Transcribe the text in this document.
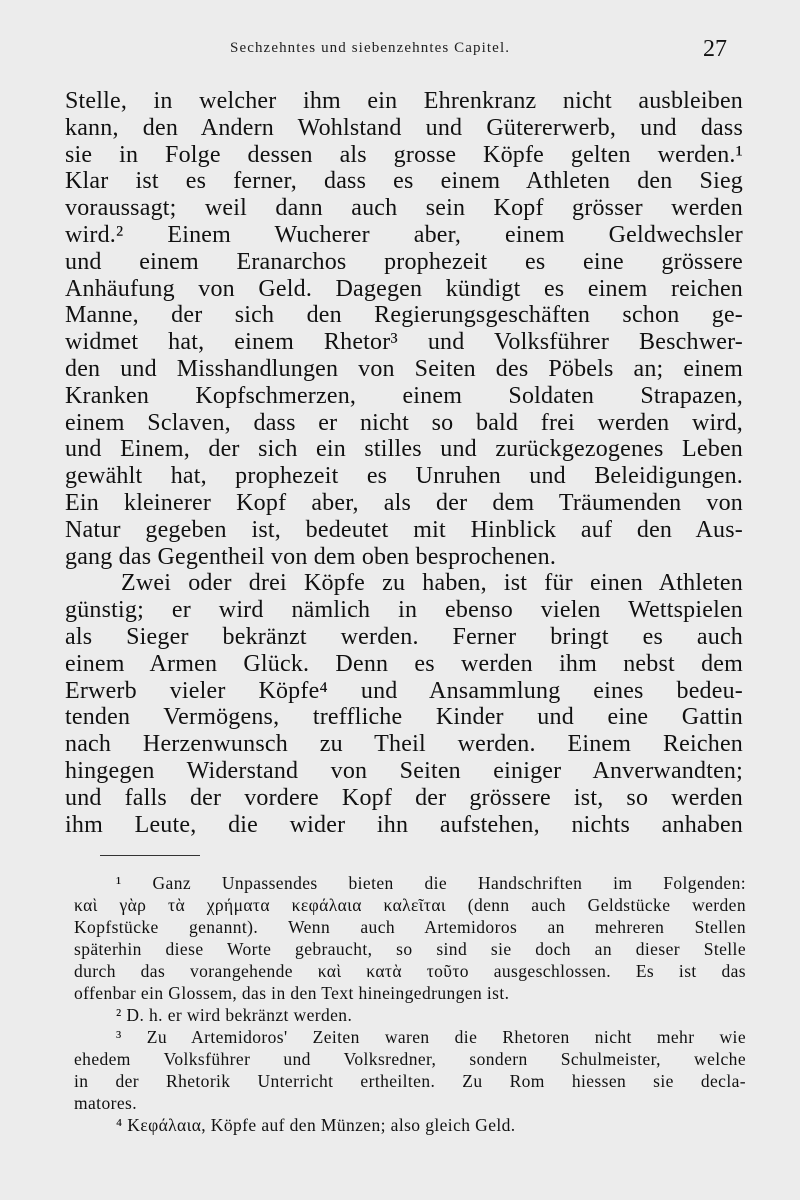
Sechzehntes und siebenzehntes Capitel.	27
Stelle, in welcher ihm ein Ehrenkranz nicht ausbleiben
kann, den Andern Wohlstand und Gütererwerb, und dass
sie in Folge dessen als grosse Köpfe gelten werden.¹
Klar ist es ferner, dass es einem Athleten den Sieg
voraussagt; weil dann auch sein Kopf grösser werden
wird.² Einem Wucherer aber, einem Geldwechsler
und einem Eranarchos prophezeit es eine grössere
Anhäufung von Geld. Dagegen kündigt es einem reichen
Manne, der sich den Regierungsgeschäften schon ge-
widmet hat, einem Rhetor³ und Volksführer Beschwer-
den und Misshandlungen von Seiten des Pöbels an; einem
Kranken Kopfschmerzen, einem Soldaten Strapazen,
einem Sclaven, dass er nicht so bald frei werden wird,
und Einem, der sich ein stilles und zurückgezogenes Leben
gewählt hat, prophezeit es Unruhen und Beleidigungen.
Ein kleinerer Kopf aber, als der dem Träumenden von
Natur gegeben ist, bedeutet mit Hinblick auf den Aus-
gang das Gegentheil von dem oben besprochenen.
Zwei oder drei Köpfe zu haben, ist für einen Athleten
günstig; er wird nämlich in ebenso vielen Wettspielen
als Sieger bekränzt werden. Ferner bringt es auch
einem Armen Glück. Denn es werden ihm nebst dem
Erwerb vieler Köpfe⁴ und Ansammlung eines bedeu-
tenden Vermögens, treffliche Kinder und eine Gattin
nach Herzenwunsch zu Theil werden. Einem Reichen
hingegen Widerstand von Seiten einiger Anverwandten;
und falls der vordere Kopf der grössere ist, so werden
ihm Leute, die wider ihn aufstehen, nichts anhaben
¹ Ganz Unpassendes bieten die Handschriften im Folgenden:
καὶ γὰρ τὰ χρήματα κεφάλαια καλεῖται (denn auch Geldstücke werden
Kopfstücke genannt). Wenn auch Artemidoros an mehreren Stellen
späterhin diese Worte gebraucht, so sind sie doch an dieser Stelle
durch das vorangehende καὶ κατὰ τοῦτο ausgeschlossen. Es ist das
offenbar ein Glossem, das in den Text hineingedrungen ist.
² D. h. er wird bekränzt werden.
³ Zu Artemidoros' Zeiten waren die Rhetoren nicht mehr wie
ehedem Volksführer und Volksredner, sondern Schulmeister, welche
in der Rhetorik Unterricht ertheilten. Zu Rom hiessen sie decla-
matores.
⁴ Κεφάλαια, Köpfe auf den Münzen; also gleich Geld.
